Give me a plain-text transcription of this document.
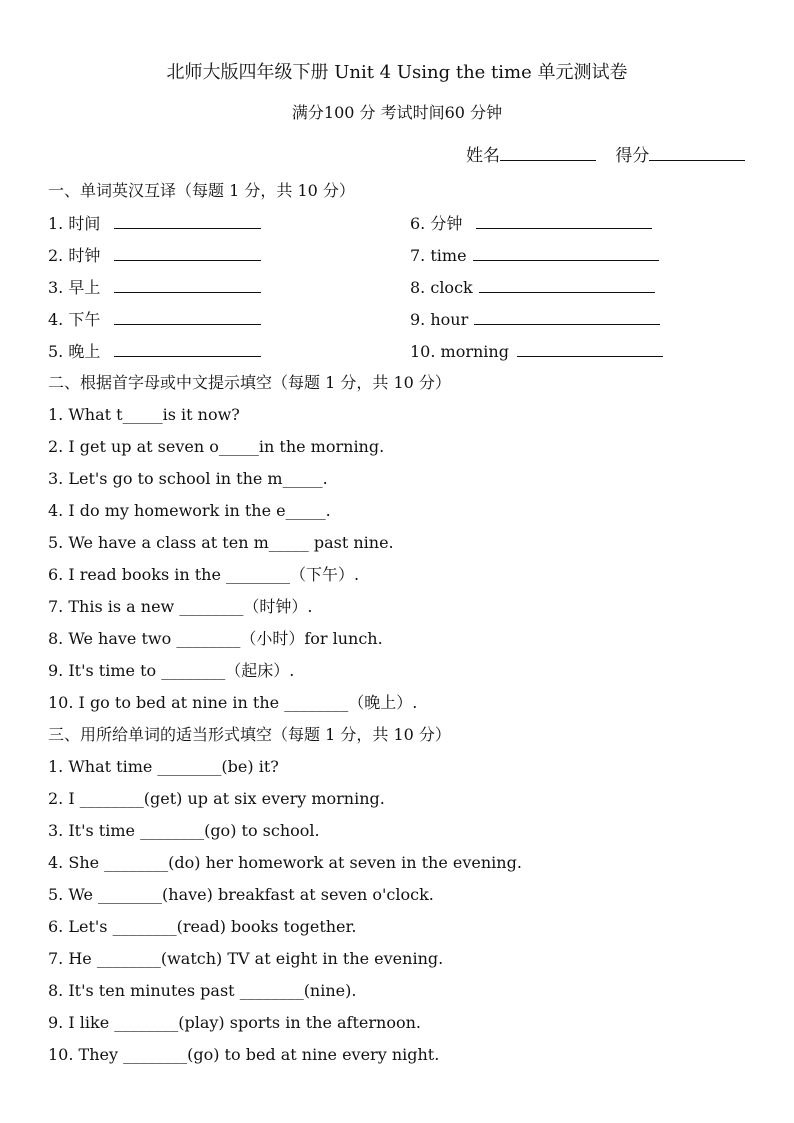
北师大版四年级下册 Unit 4 Using the time 单元测试卷
满分100 分 考试时间60 分钟
姓名	得分
一、单词英汉互译（每题 1 分，共 10 分）
1. 时间
2. 时钟
3. 早上
4. 下午
5. 晚上
6. 分钟
7. time
8. clock
9. hour
10. morning
二、根据首字母或中文提示填空（每题 1 分，共 10 分）
1. What t_____is it now?
2. I get up at seven o_____in the morning.
3. Let's go to school in the m_____.
4. I do my homework in the e_____.
5. We have a class at ten m_____ past nine.
6. I read books in the ________（下午）.
7. This is a new ________（时钟）.
8. We have two ________（小时）for lunch.
9. It's time to ________（起床）.
10. I go to bed at nine in the ________（晚上）.
三、用所给单词的适当形式填空（每题 1 分，共 10 分）
1. What time ________(be) it?
2. I ________(get) up at six every morning.
3. It's time ________(go) to school.
4. She ________(do) her homework at seven in the evening.
5. We ________(have) breakfast at seven o'clock.
6. Let's ________(read) books together.
7. He ________(watch) TV at eight in the evening.
8. It's ten minutes past ________(nine).
9. I like ________(play) sports in the afternoon.
10. They ________(go) to bed at nine every night.
